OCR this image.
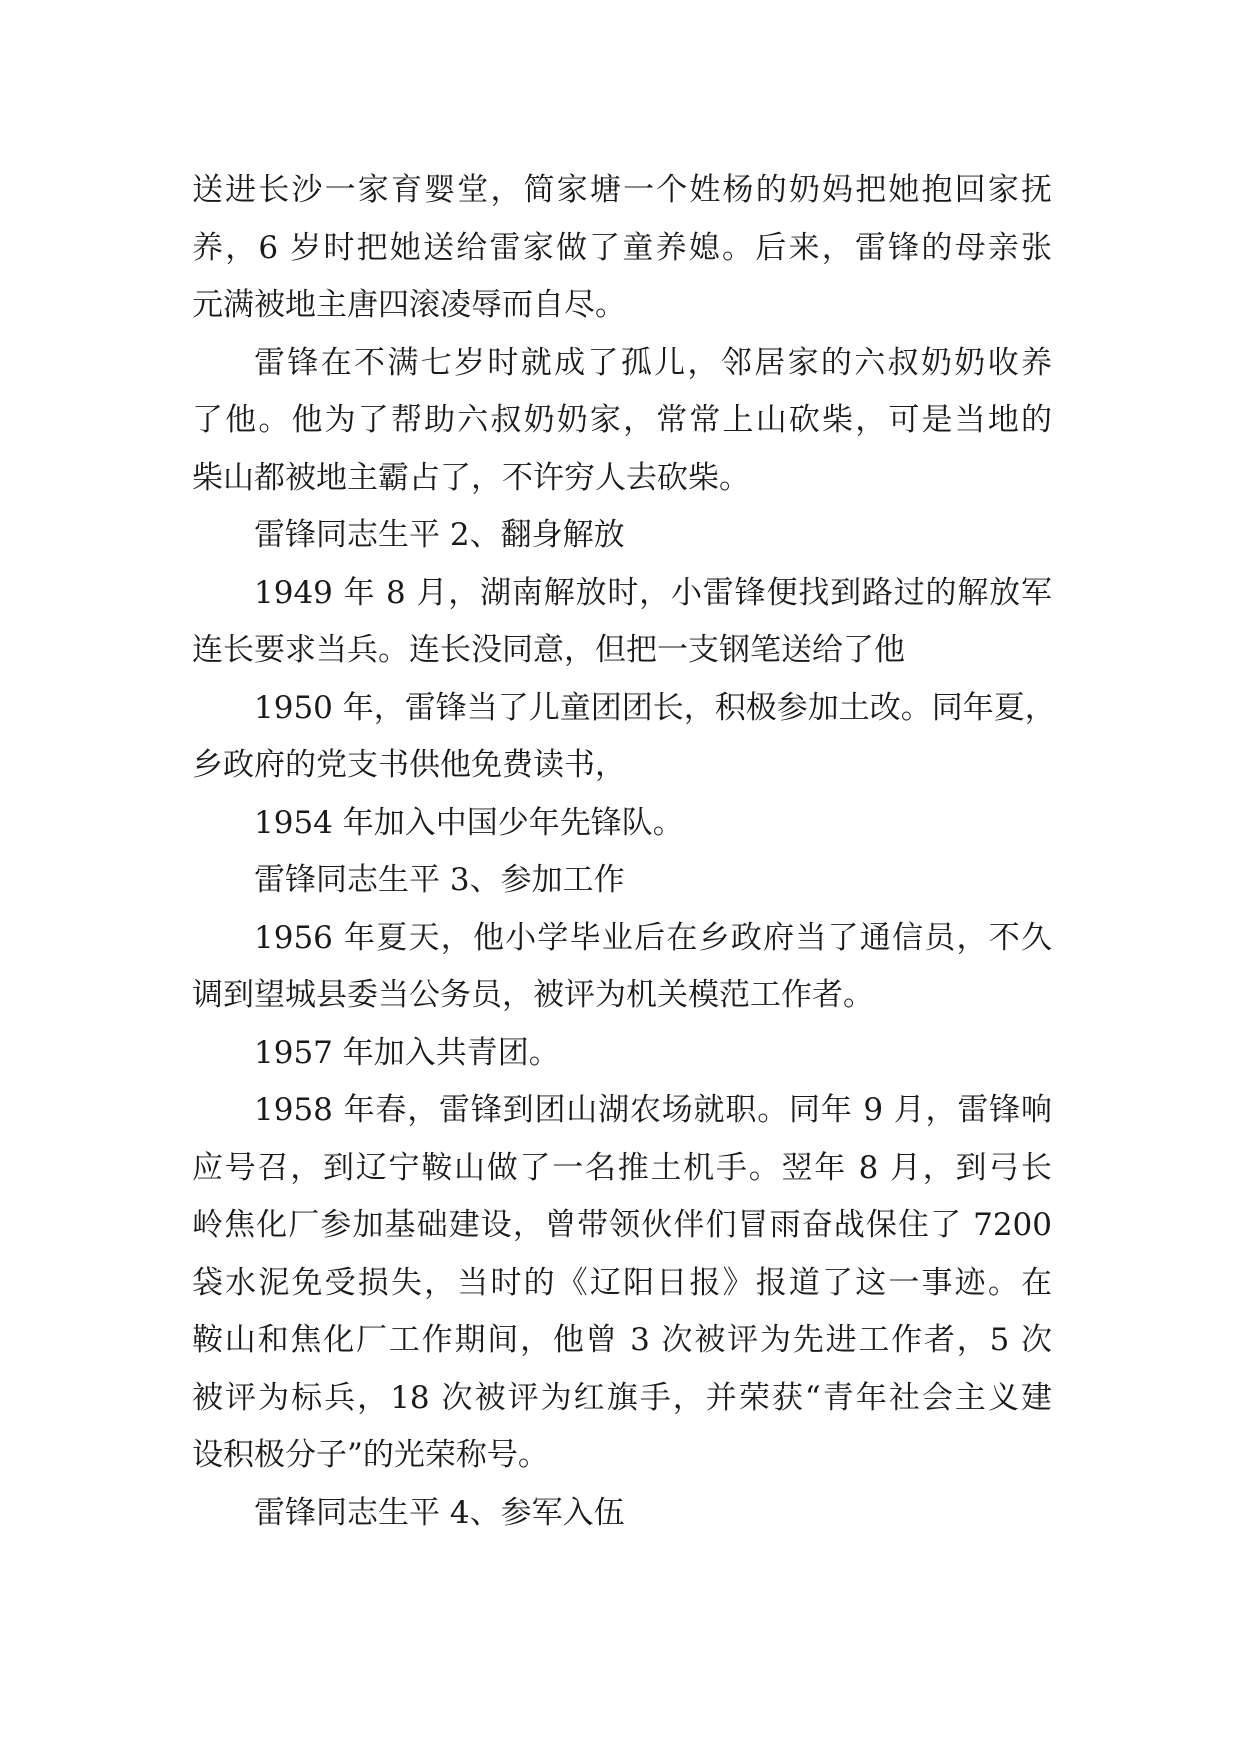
送进长沙一家育婴堂，简家塘一个姓杨的奶妈把她抱回家抚
养，6 岁时把她送给雷家做了童养媳。后来，雷锋的母亲张
元满被地主唐四滚凌辱而自尽。
雷锋在不满七岁时就成了孤儿，邻居家的六叔奶奶收养
了他。他为了帮助六叔奶奶家，常常上山砍柴，可是当地的
柴山都被地主霸占了，不许穷人去砍柴。
雷锋同志生平 2、翻身解放
1949 年 8 月，湖南解放时，小雷锋便找到路过的解放军
连长要求当兵。连长没同意，但把一支钢笔送给了他
1950 年，雷锋当了儿童团团长，积极参加土改。同年夏，
乡政府的党支书供他免费读书，
1954 年加入中国少年先锋队。
雷锋同志生平 3、参加工作
1956 年夏天，他小学毕业后在乡政府当了通信员，不久
调到望城县委当公务员，被评为机关模范工作者。
1957 年加入共青团。
1958 年春，雷锋到团山湖农场就职。同年 9 月，雷锋响
应号召，到辽宁鞍山做了一名推土机手。翌年 8 月，到弓长
岭焦化厂参加基础建设，曾带领伙伴们冒雨奋战保住了 7200
袋水泥免受损失，当时的《辽阳日报》报道了这一事迹。在
鞍山和焦化厂工作期间，他曾 3 次被评为先进工作者，5 次
被评为标兵，18 次被评为红旗手，并荣获“青年社会主义建
设积极分子”的光荣称号。
雷锋同志生平 4、参军入伍
